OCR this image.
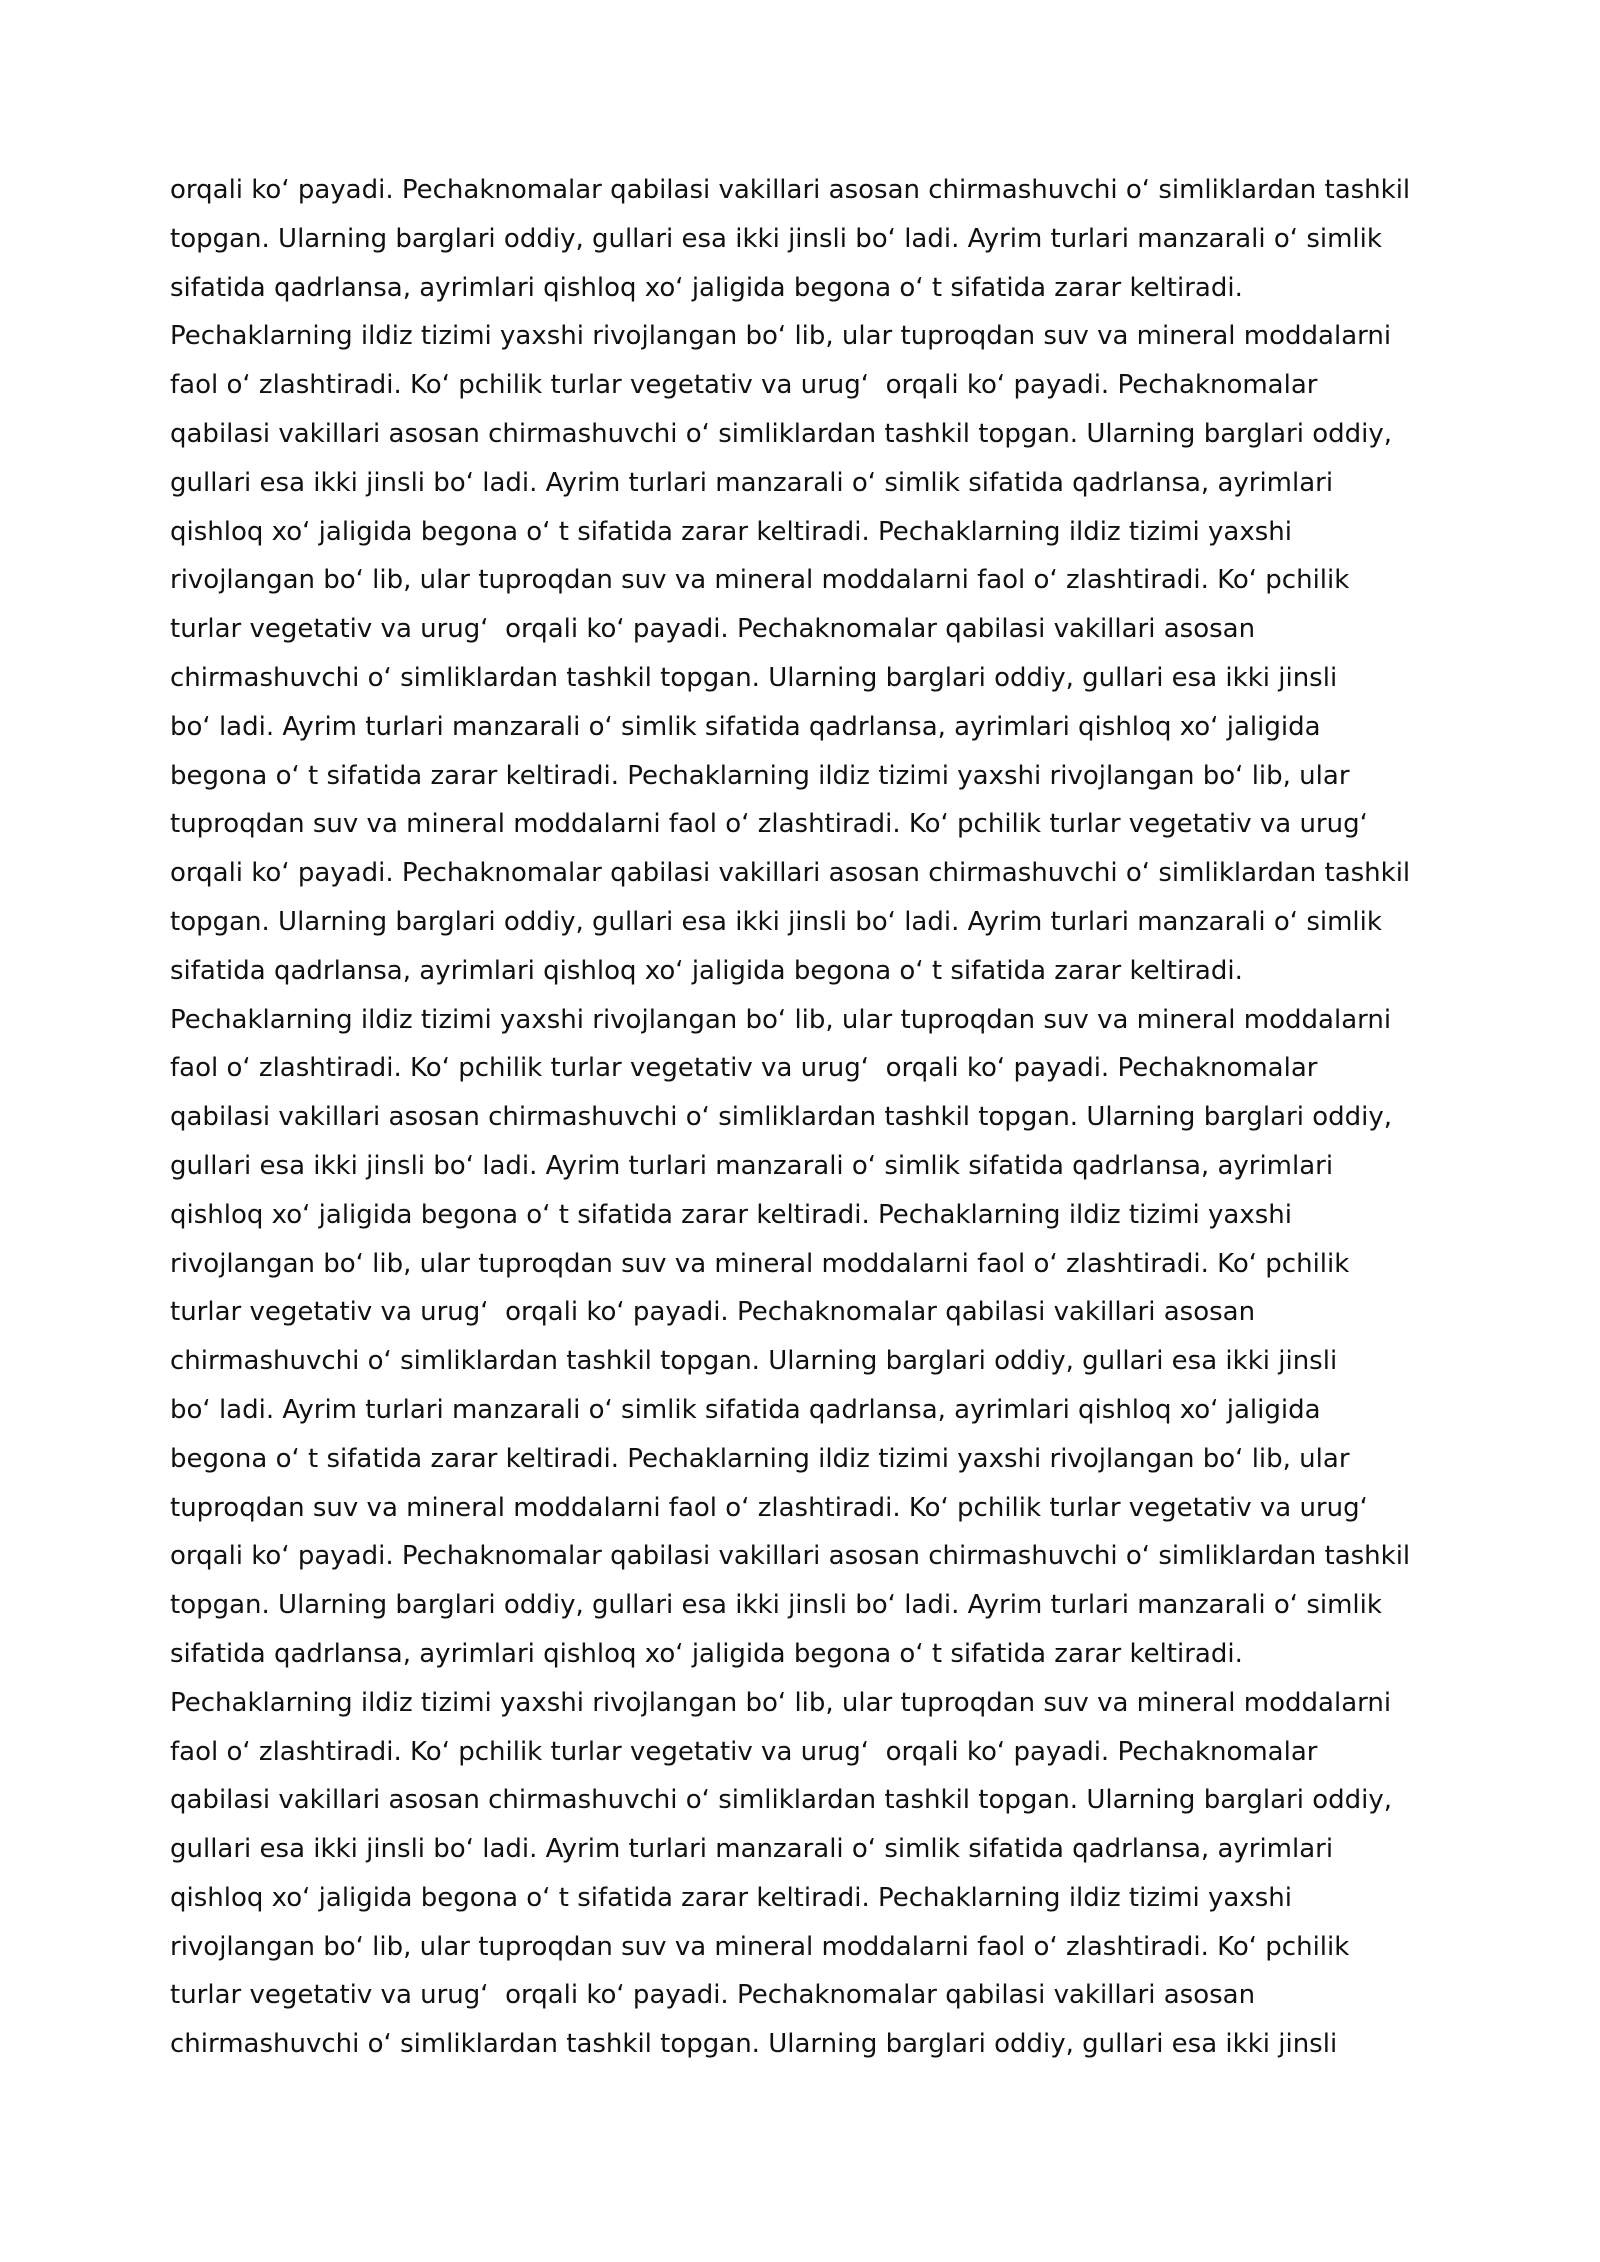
orqali ko‘ payadi. Pechaknomalar qabilasi vakillari asosan chirmashuvchi o‘ simliklardan tashkil
topgan. Ularning barglari oddiy, gullari esa ikki jinsli bo‘ ladi. Ayrim turlari manzarali o‘ simlik
sifatida qadrlansa, ayrimlari qishloq xo‘ jaligida begona o‘ t sifatida zarar keltiradi.
Pechaklarning ildiz tizimi yaxshi rivojlangan bo‘ lib, ular tuproqdan suv va mineral moddalarni
faol o‘ zlashtiradi. Ko‘ pchilik turlar vegetativ va urug‘  orqali ko‘ payadi. Pechaknomalar
qabilasi vakillari asosan chirmashuvchi o‘ simliklardan tashkil topgan. Ularning barglari oddiy,
gullari esa ikki jinsli bo‘ ladi. Ayrim turlari manzarali o‘ simlik sifatida qadrlansa, ayrimlari
qishloq xo‘ jaligida begona o‘ t sifatida zarar keltiradi. Pechaklarning ildiz tizimi yaxshi
rivojlangan bo‘ lib, ular tuproqdan suv va mineral moddalarni faol o‘ zlashtiradi. Ko‘ pchilik
turlar vegetativ va urug‘  orqali ko‘ payadi. Pechaknomalar qabilasi vakillari asosan
chirmashuvchi o‘ simliklardan tashkil topgan. Ularning barglari oddiy, gullari esa ikki jinsli
bo‘ ladi. Ayrim turlari manzarali o‘ simlik sifatida qadrlansa, ayrimlari qishloq xo‘ jaligida
begona o‘ t sifatida zarar keltiradi. Pechaklarning ildiz tizimi yaxshi rivojlangan bo‘ lib, ular
tuproqdan suv va mineral moddalarni faol o‘ zlashtiradi. Ko‘ pchilik turlar vegetativ va urug‘
orqali ko‘ payadi. Pechaknomalar qabilasi vakillari asosan chirmashuvchi o‘ simliklardan tashkil
topgan. Ularning barglari oddiy, gullari esa ikki jinsli bo‘ ladi. Ayrim turlari manzarali o‘ simlik
sifatida qadrlansa, ayrimlari qishloq xo‘ jaligida begona o‘ t sifatida zarar keltiradi.
Pechaklarning ildiz tizimi yaxshi rivojlangan bo‘ lib, ular tuproqdan suv va mineral moddalarni
faol o‘ zlashtiradi. Ko‘ pchilik turlar vegetativ va urug‘  orqali ko‘ payadi. Pechaknomalar
qabilasi vakillari asosan chirmashuvchi o‘ simliklardan tashkil topgan. Ularning barglari oddiy,
gullari esa ikki jinsli bo‘ ladi. Ayrim turlari manzarali o‘ simlik sifatida qadrlansa, ayrimlari
qishloq xo‘ jaligida begona o‘ t sifatida zarar keltiradi. Pechaklarning ildiz tizimi yaxshi
rivojlangan bo‘ lib, ular tuproqdan suv va mineral moddalarni faol o‘ zlashtiradi. Ko‘ pchilik
turlar vegetativ va urug‘  orqali ko‘ payadi. Pechaknomalar qabilasi vakillari asosan
chirmashuvchi o‘ simliklardan tashkil topgan. Ularning barglari oddiy, gullari esa ikki jinsli
bo‘ ladi. Ayrim turlari manzarali o‘ simlik sifatida qadrlansa, ayrimlari qishloq xo‘ jaligida
begona o‘ t sifatida zarar keltiradi. Pechaklarning ildiz tizimi yaxshi rivojlangan bo‘ lib, ular
tuproqdan suv va mineral moddalarni faol o‘ zlashtiradi. Ko‘ pchilik turlar vegetativ va urug‘
orqali ko‘ payadi. Pechaknomalar qabilasi vakillari asosan chirmashuvchi o‘ simliklardan tashkil
topgan. Ularning barglari oddiy, gullari esa ikki jinsli bo‘ ladi. Ayrim turlari manzarali o‘ simlik
sifatida qadrlansa, ayrimlari qishloq xo‘ jaligida begona o‘ t sifatida zarar keltiradi.
Pechaklarning ildiz tizimi yaxshi rivojlangan bo‘ lib, ular tuproqdan suv va mineral moddalarni
faol o‘ zlashtiradi. Ko‘ pchilik turlar vegetativ va urug‘  orqali ko‘ payadi. Pechaknomalar
qabilasi vakillari asosan chirmashuvchi o‘ simliklardan tashkil topgan. Ularning barglari oddiy,
gullari esa ikki jinsli bo‘ ladi. Ayrim turlari manzarali o‘ simlik sifatida qadrlansa, ayrimlari
qishloq xo‘ jaligida begona o‘ t sifatida zarar keltiradi. Pechaklarning ildiz tizimi yaxshi
rivojlangan bo‘ lib, ular tuproqdan suv va mineral moddalarni faol o‘ zlashtiradi. Ko‘ pchilik
turlar vegetativ va urug‘  orqali ko‘ payadi. Pechaknomalar qabilasi vakillari asosan
chirmashuvchi o‘ simliklardan tashkil topgan. Ularning barglari oddiy, gullari esa ikki jinsli
